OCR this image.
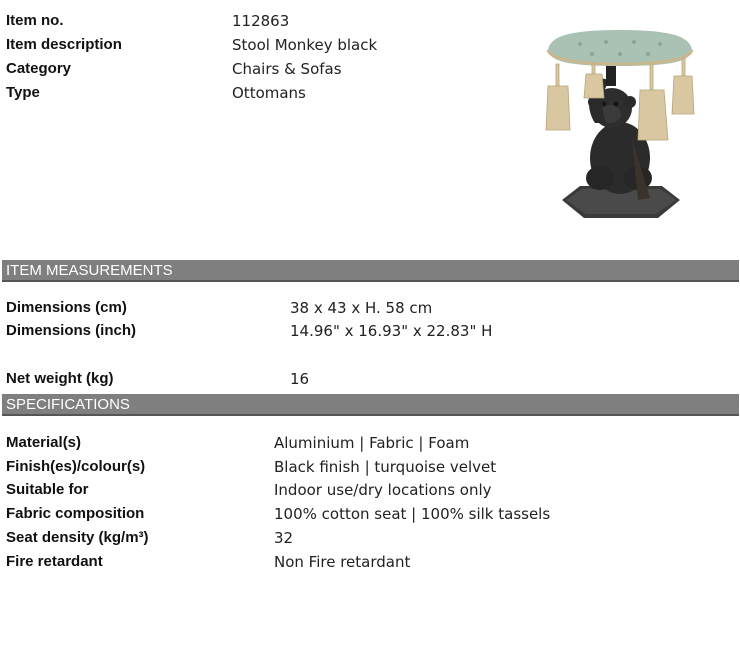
Item no.	112863
Item description	Stool Monkey black
Category	Chairs & Sofas
Type	Ottomans
ITEM MEASUREMENTS
Dimensions (cm)	38 x 43 x H. 58 cm
Dimensions (inch)	14.96" x 16.93" x 22.83" H
Net weight (kg)	16
SPECIFICATIONS
Material(s)	Aluminium | Fabric | Foam
Finish(es)/colour(s)	Black finish | turquoise velvet
Suitable for	Indoor use/dry locations only
Fabric composition	100% cotton seat | 100% silk tassels
Seat density (kg/m³)	32
Fire retardant	Non Fire retardant
